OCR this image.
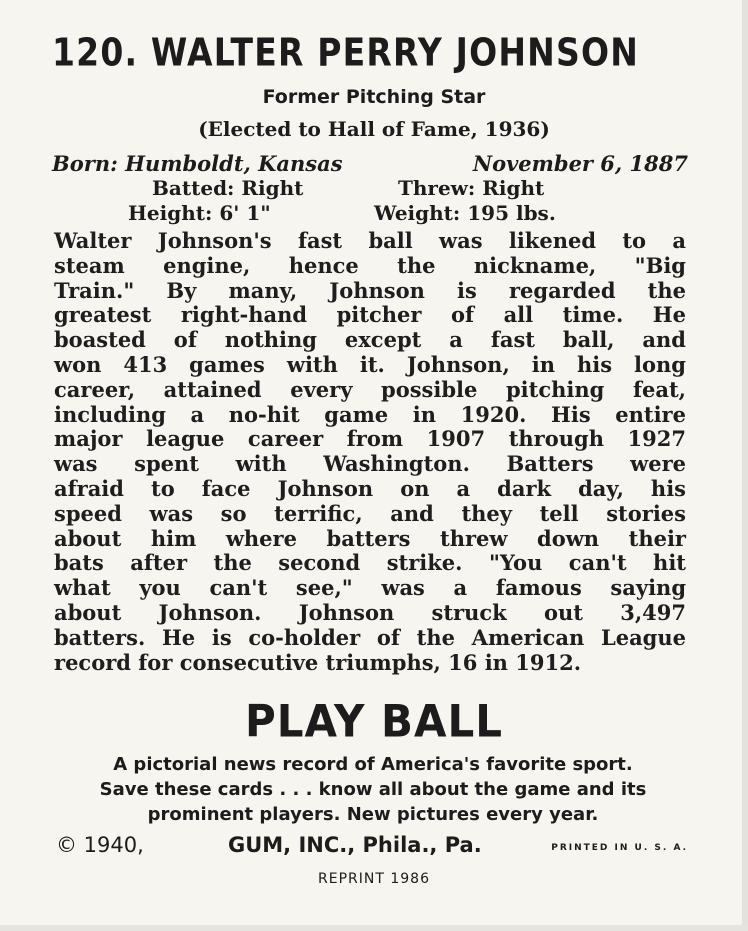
120. WALTER PERRY JOHNSON
Former Pitching Star
(Elected to Hall of Fame, 1936)
Born: Humboldt, Kansas	November 6, 1887
Batted: Right	Threw: Right
Height: 6' 1"	Weight: 195 lbs.
Walter Johnson's fast ball was likened to a
steam engine, hence the nickname, "Big
Train." By many, Johnson is regarded the
greatest right-hand pitcher of all time. He
boasted of nothing except a fast ball, and
won 413 games with it. Johnson, in his long
career, attained every possible pitching feat,
including a no-hit game in 1920. His entire
major league career from 1907 through 1927
was spent with Washington. Batters were
afraid to face Johnson on a dark day, his
speed was so terrific, and they tell stories
about him where batters threw down their
bats after the second strike. "You can't hit
what you can't see," was a famous saying
about Johnson. Johnson struck out 3,497
batters. He is co-holder of the American League
record for consecutive triumphs, 16 in 1912.
PLAY BALL
A pictorial news record of America's favorite sport.
Save these cards . . . know all about the game and its
prominent players. New pictures every year.
© 1940,	GUM, INC., Phila., Pa.	PRINTED IN U. S. A.
REPRINT 1986
